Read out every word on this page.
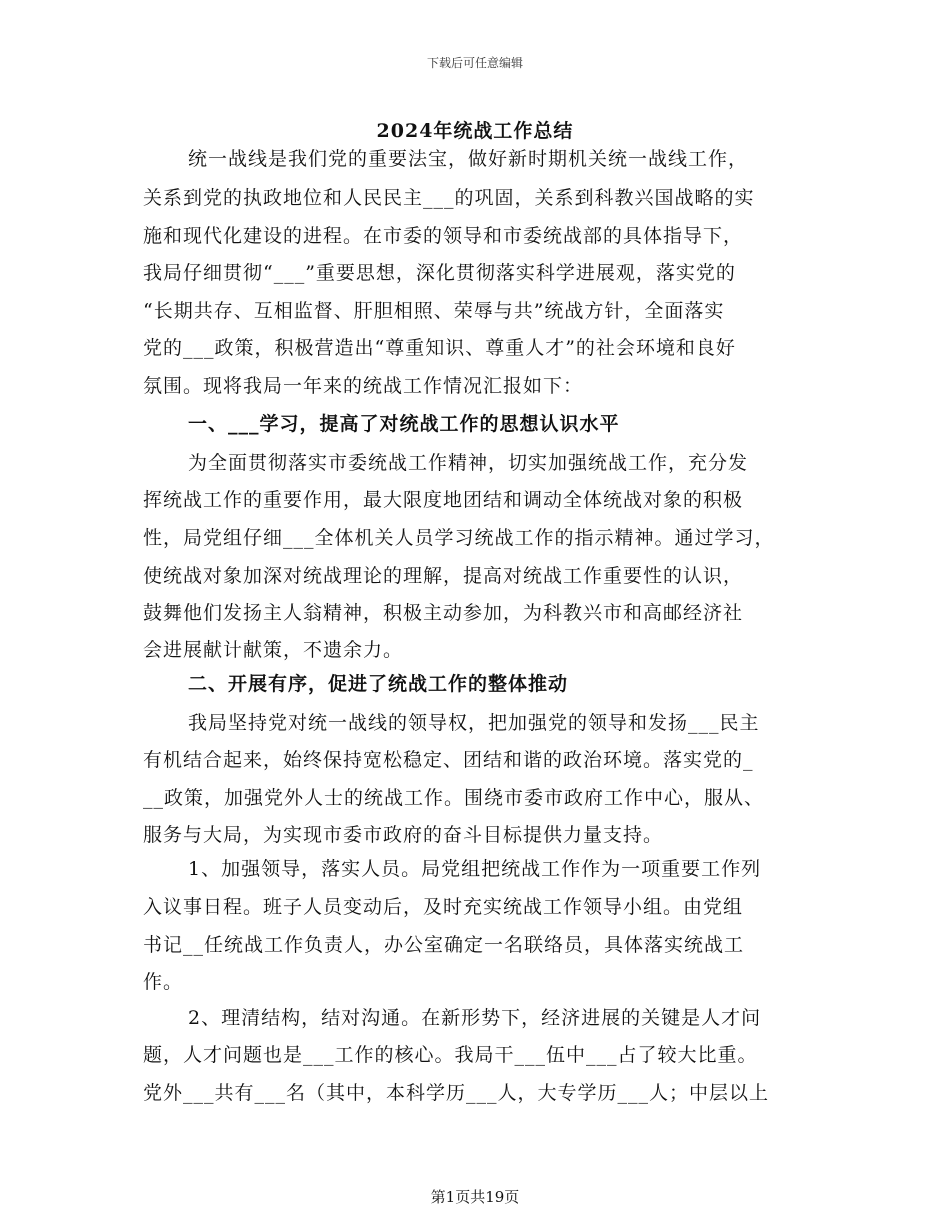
下载后可任意编辑
2024年统战工作总结
统一战线是我们党的重要法宝，做好新时期机关统一战线工作，
关系到党的执政地位和人民民主___的巩固，关系到科教兴国战略的实
施和现代化建设的进程。在市委的领导和市委统战部的具体指导下，
我局仔细贯彻“___”重要思想，深化贯彻落实科学进展观，落实党的
“长期共存、互相监督、肝胆相照、荣辱与共”统战方针，全面落实
党的___政策，积极营造出“尊重知识、尊重人才”的社会环境和良好
氛围。现将我局一年来的统战工作情况汇报如下：
一、___学习，提高了对统战工作的思想认识水平
为全面贯彻落实市委统战工作精神，切实加强统战工作，充分发
挥统战工作的重要作用，最大限度地团结和调动全体统战对象的积极
性，局党组仔细___全体机关人员学习统战工作的指示精神。通过学习，
使统战对象加深对统战理论的理解，提高对统战工作重要性的认识，
鼓舞他们发扬主人翁精神，积极主动参加，为科教兴市和高邮经济社
会进展献计献策，不遗余力。
二、开展有序，促进了统战工作的整体推动
我局坚持党对统一战线的领导权，把加强党的领导和发扬___民主
有机结合起来，始终保持宽松稳定、团结和谐的政治环境。落实党的_
__政策，加强党外人士的统战工作。围绕市委市政府工作中心，服从、
服务与大局，为实现市委市政府的奋斗目标提供力量支持。
1、加强领导，落实人员。局党组把统战工作作为一项重要工作列
入议事日程。班子人员变动后，及时充实统战工作领导小组。由党组
书记__任统战工作负责人，办公室确定一名联络员，具体落实统战工
作。
2、理清结构，结对沟通。在新形势下，经济进展的关键是人才问
题，人才问题也是___工作的核心。我局干___伍中___占了较大比重。
党外___共有___名（其中，本科学历___人，大专学历___人；中层以上
第1页共19页
